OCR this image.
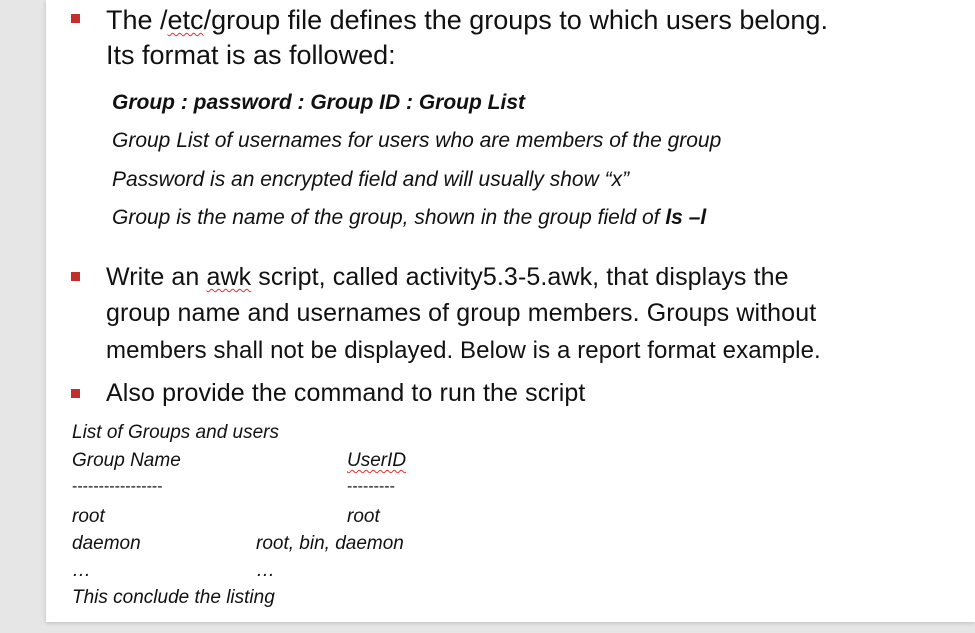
The /etc/group file defines the groups to which users belong.
Its format is as followed:
Group : password : Group ID : Group List
Group List of usernames for users who are members of the group
Password is an encrypted field and will usually show “x”
Group is the name of the group, shown in the group field of ls –l
Write an awk script, called activity5.3-5.awk, that displays the
group name and usernames of group members. Groups without
members shall not be displayed. Below is a report format example.
Also provide the command to run the script
List of Groups and users
Group Name	UserID
-----------------	---------
root	root
daemon	root, bin, daemon
…	…
This conclude the listing
